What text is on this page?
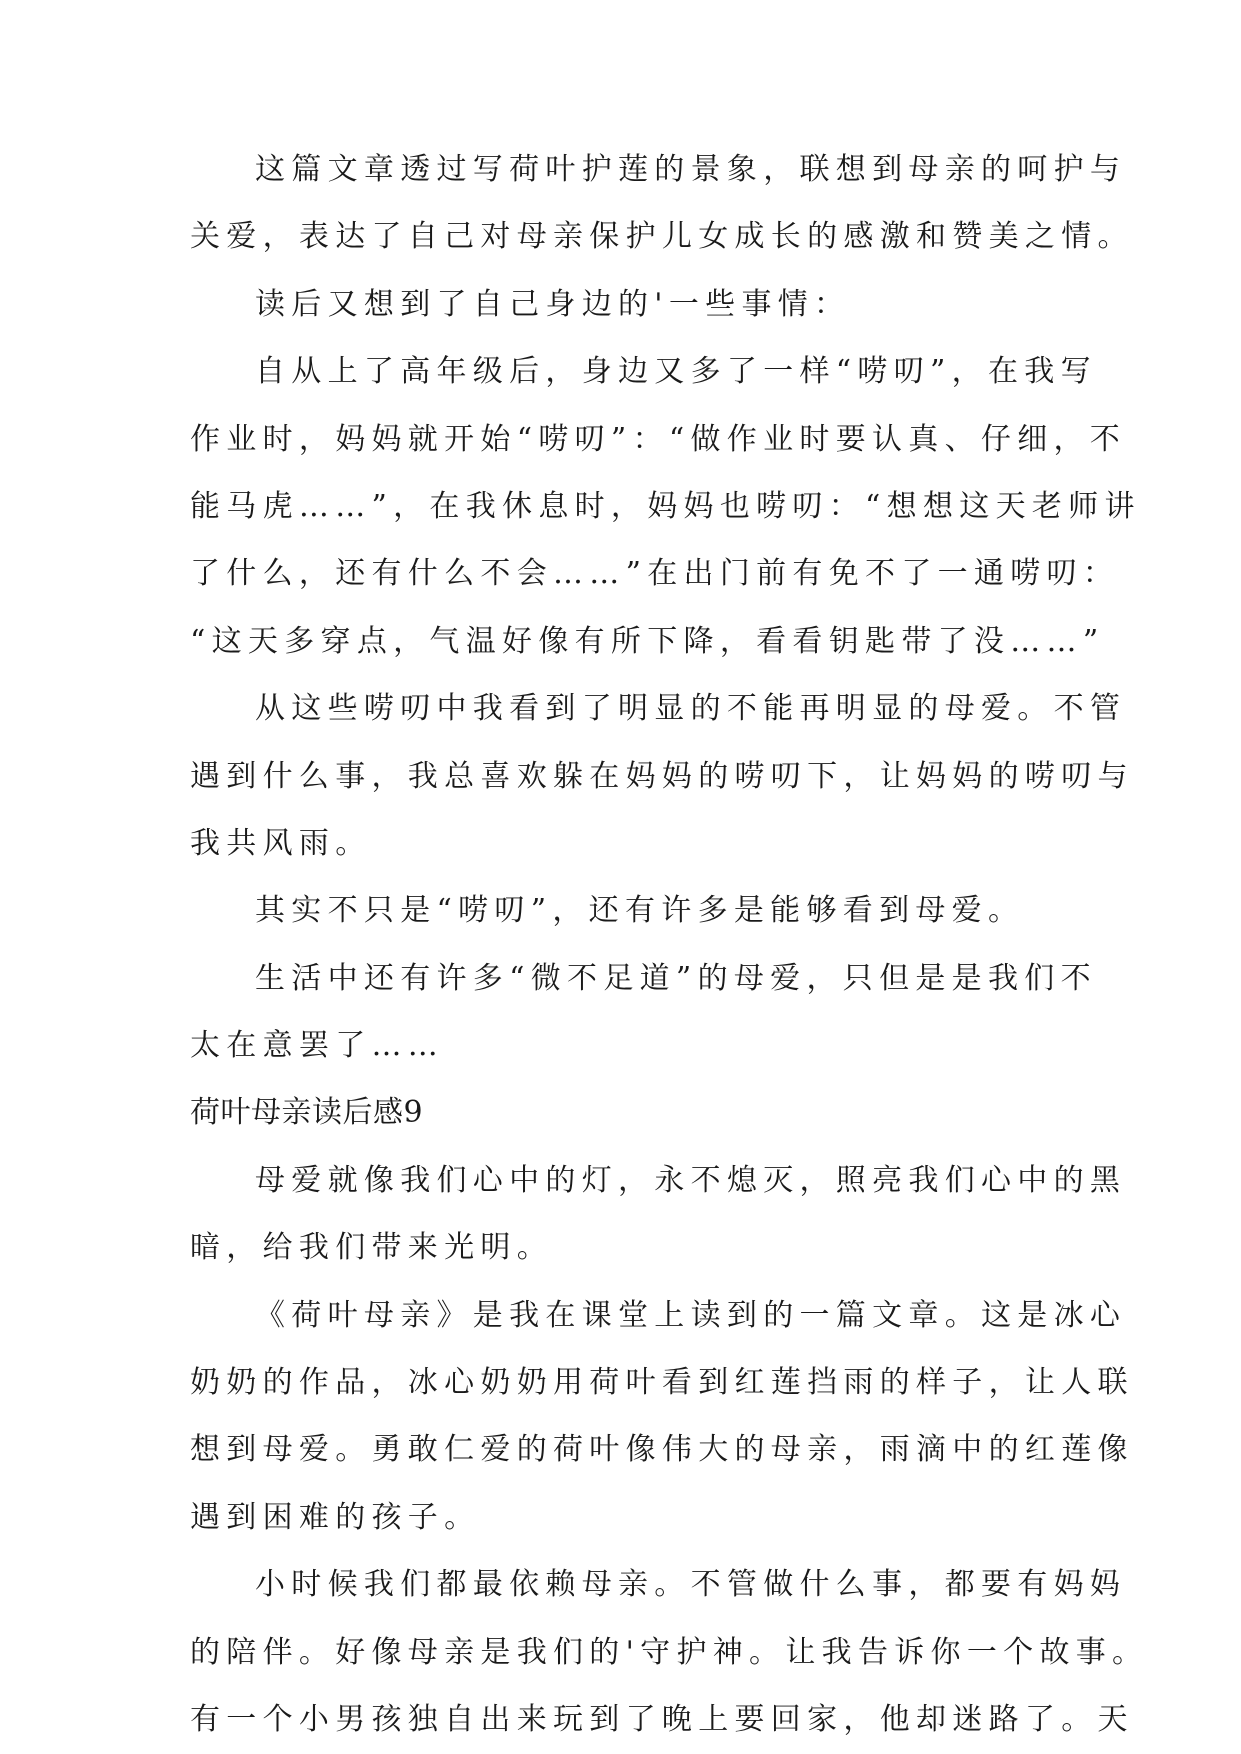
这篇文章透过写荷叶护莲的景象，联想到母亲的呵护与

关爱，表达了自己对母亲保护儿女成长的感激和赞美之情。

读后又想到了自己身边的'一些事情：

自从上了高年级后，身边又多了一样“唠叨”，在我写

作业时，妈妈就开始“唠叨”：“做作业时要认真、仔细，不

能马虎……”，在我休息时，妈妈也唠叨：“想想这天老师讲

了什么，还有什么不会……”在出门前有免不了一通唠叨：

“这天多穿点，气温好像有所下降，看看钥匙带了没……”

从这些唠叨中我看到了明显的不能再明显的母爱。不管

遇到什么事，我总喜欢躲在妈妈的唠叨下，让妈妈的唠叨与

我共风雨。

其实不只是“唠叨”，还有许多是能够看到母爱。

生活中还有许多“微不足道”的母爱，只但是是我们不

太在意罢了……

荷叶母亲读后感9

母爱就像我们心中的灯，永不熄灭，照亮我们心中的黑

暗，给我们带来光明。

《荷叶母亲》是我在课堂上读到的一篇文章。这是冰心

奶奶的作品，冰心奶奶用荷叶看到红莲挡雨的样子，让人联

想到母爱。勇敢仁爱的荷叶像伟大的母亲，雨滴中的红莲像

遇到困难的孩子。

小时候我们都最依赖母亲。不管做什么事，都要有妈妈

的陪伴。好像母亲是我们的'守护神。让我告诉你一个故事。

有一个小男孩独自出来玩到了晚上要回家，他却迷路了。天
